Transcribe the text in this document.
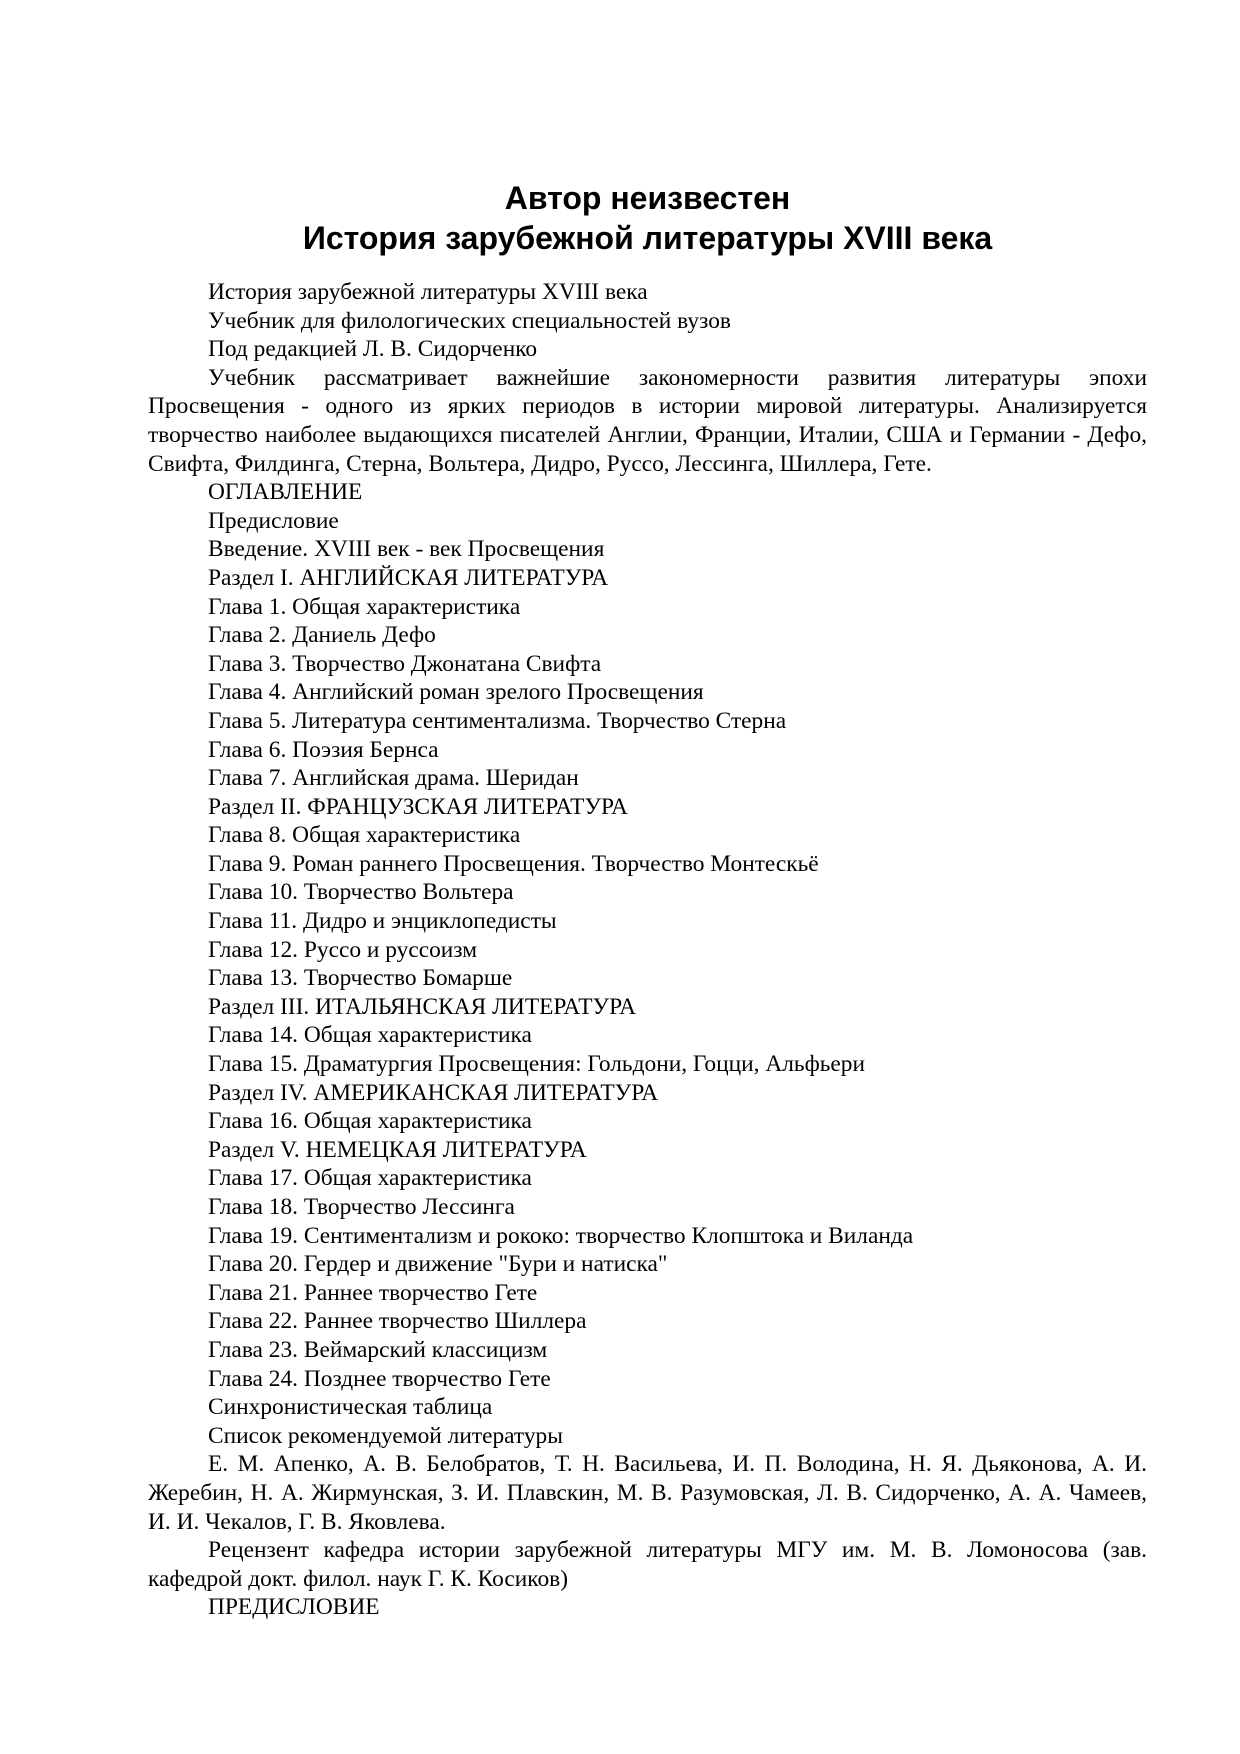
Автор неизвестен
История зарубежной литературы XVIII века

История зарубежной литературы XVIII века

Учебник для филологических специальностей вузов

Под редакцией Л. В. Сидорченко

Учебник рассматривает важнейшие закономерности развития литературы эпохи Просвещения - одного из ярких периодов в истории мировой литературы. Анализируется творчество наиболее выдающихся писателей Англии, Франции, Италии, США и Германии - Дефо, Свифта, Филдинга, Стерна, Вольтера, Дидро, Руссо, Лессинга, Шиллера, Гете.

ОГЛАВЛЕНИЕ

Предисловие
Введение. XVIII век - век Просвещения
Раздел I. АНГЛИЙСКАЯ ЛИТЕРАТУРА
Глава 1. Общая характеристика
Глава 2. Даниель Дефо
Глава 3. Творчество Джонатана Свифта
Глава 4. Английский роман зрелого Просвещения
Глава 5. Литература сентиментализма. Творчество Стерна
Глава 6. Поэзия Бернса
Глава 7. Английская драма. Шеридан
Раздел II. ФРАНЦУЗСКАЯ ЛИТЕРАТУРА
Глава 8. Общая характеристика
Глава 9. Роман раннего Просвещения. Творчество Монтескьё
Глава 10. Творчество Вольтера
Глава 11. Дидро и энциклопедисты
Глава 12. Руссо и руссоизм
Глава 13. Творчество Бомарше
Раздел III. ИТАЛЬЯНСКАЯ ЛИТЕРАТУРА
Глава 14. Общая характеристика
Глава 15. Драматургия Просвещения: Гольдони, Гоцци, Альфьери
Раздел IV. АМЕРИКАНСКАЯ ЛИТЕРАТУРА
Глава 16. Общая характеристика
Раздел V. НЕМЕЦКАЯ ЛИТЕРАТУРА
Глава 17. Общая характеристика
Глава 18. Творчество Лессинга
Глава 19. Сентиментализм и рококо: творчество Клопштока и Виланда
Глава 20. Гердер и движение "Бури и натиска"
Глава 21. Раннее творчество Гете
Глава 22. Раннее творчество Шиллера
Глава 23. Веймарский классицизм
Глава 24. Позднее творчество Гете
Синхронистическая таблица
Список рекомендуемой литературы

Е. М. Апенко, А. В. Белобратов, Т. Н. Васильева, И. П. Володина, Н. Я. Дьяконова, А. И. Жеребин, Н. А. Жирмунская, З. И. Плавскин, М. В. Разумовская, Л. В. Сидорченко, А. А. Чамеев, И. И. Чекалов, Г. В. Яковлева.

Рецензент кафедра истории зарубежной литературы МГУ им. М. В. Ломоносова (зав. кафедрой докт. филол. наук Г. К. Косиков)

ПРЕДИСЛОВИЕ
